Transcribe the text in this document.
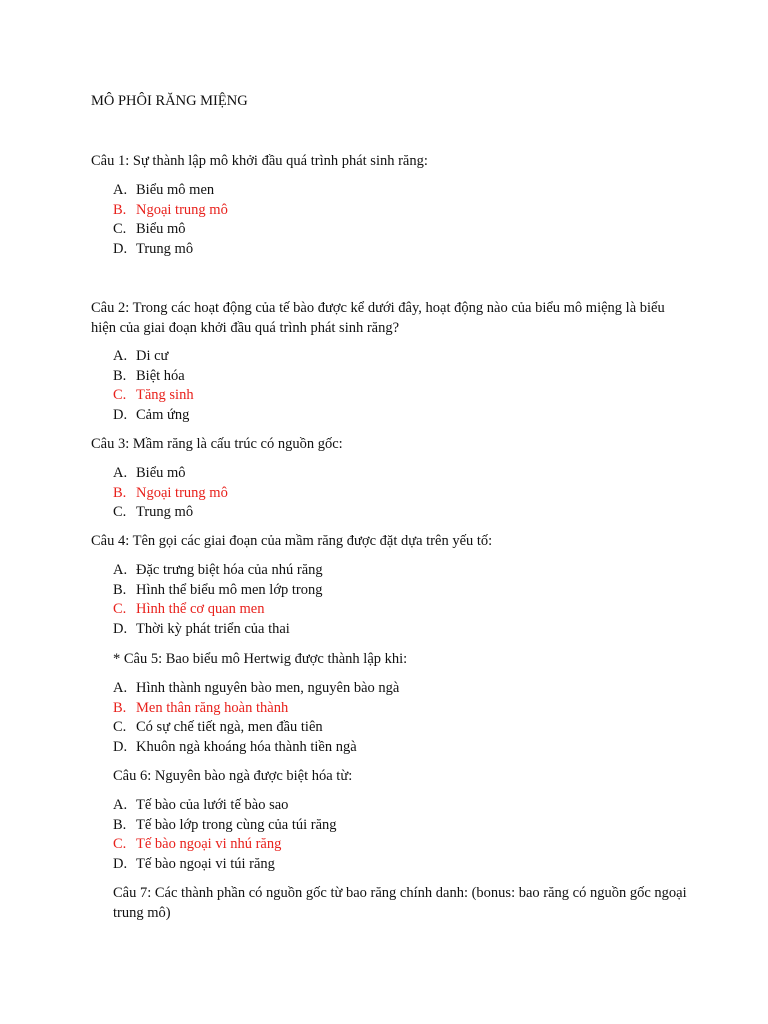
MÔ PHÔI RĂNG MIỆNG
Câu 1: Sự thành lập mô khởi đầu quá trình phát sinh răng:
A. Biểu mô men
B. Ngoại trung mô
C. Biểu mô
D. Trung mô
Câu 2: Trong các hoạt động của tế bào được kể dưới đây, hoạt động nào của biểu mô miệng là biểu hiện của giai đoạn khởi đầu quá trình phát sinh răng?
A. Di cư
B. Biệt hóa
C. Tăng sinh
D. Cảm ứng
Câu 3: Mầm răng là cấu trúc có nguồn gốc:
A. Biểu mô
B. Ngoại trung mô
C. Trung mô
Câu 4: Tên gọi các giai đoạn của mầm răng được đặt dựa trên yếu tố:
A. Đặc trưng biệt hóa của nhú răng
B. Hình thể biểu mô men lớp trong
C. Hình thể cơ quan men
D. Thời kỳ phát triển của thai
* Câu 5: Bao biểu mô Hertwig được thành lập khi:
A. Hình thành nguyên bào men, nguyên bào ngà
B. Men thân răng hoàn thành
C. Có sự chế tiết ngà, men đầu tiên
D. Khuôn ngà khoáng hóa thành tiền ngà
Câu 6: Nguyên bào ngà được biệt hóa từ:
A. Tế bào của lưới tế bào sao
B. Tế bào lớp trong cùng của túi răng
C. Tế bào ngoại vi nhú răng
D. Tế bào ngoại vi túi răng
Câu 7: Các thành phần có nguồn gốc từ bao răng chính danh: (bonus: bao răng có nguồn gốc ngoại trung mô)
